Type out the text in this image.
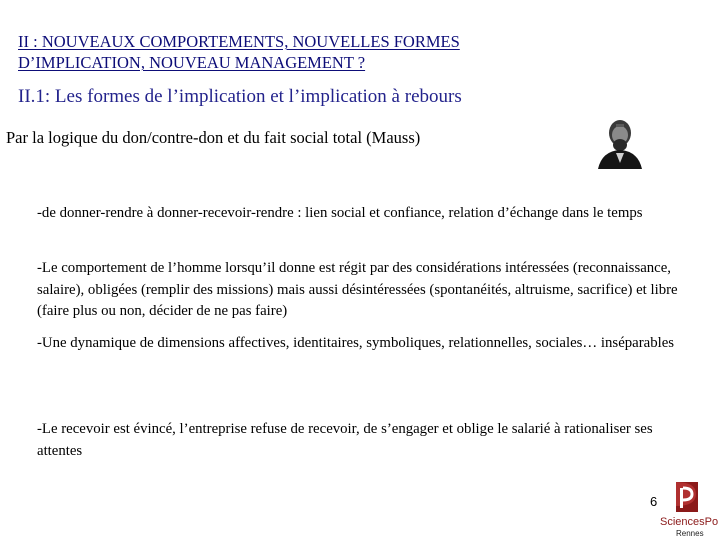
II : NOUVEAUX COMPORTEMENTS, NOUVELLES FORMES
D’IMPLICATION, NOUVEAU MANAGEMENT ?
II.1: Les formes de l’implication et l’implication à rebours
Par la logique du don/contre-don et du fait social total (Mauss)
-de donner-rendre à donner-recevoir-rendre : lien social et confiance, relation d’échange dans le temps
-Le comportement de l’homme lorsqu’il donne est régit par des considérations intéressées (reconnaissance, salaire), obligées (remplir des missions) mais aussi désintéressées (spontanéités, altruisme, sacrifice) et libre (faire plus ou non, décider de ne pas faire)
-Une dynamique de dimensions affectives, identitaires, symboliques, relationnelles, sociales… inséparables
-Le recevoir est évincé, l’entreprise refuse de recevoir, de s’engager et oblige le salarié à rationaliser ses attentes
6
SciencesPo
Rennes
